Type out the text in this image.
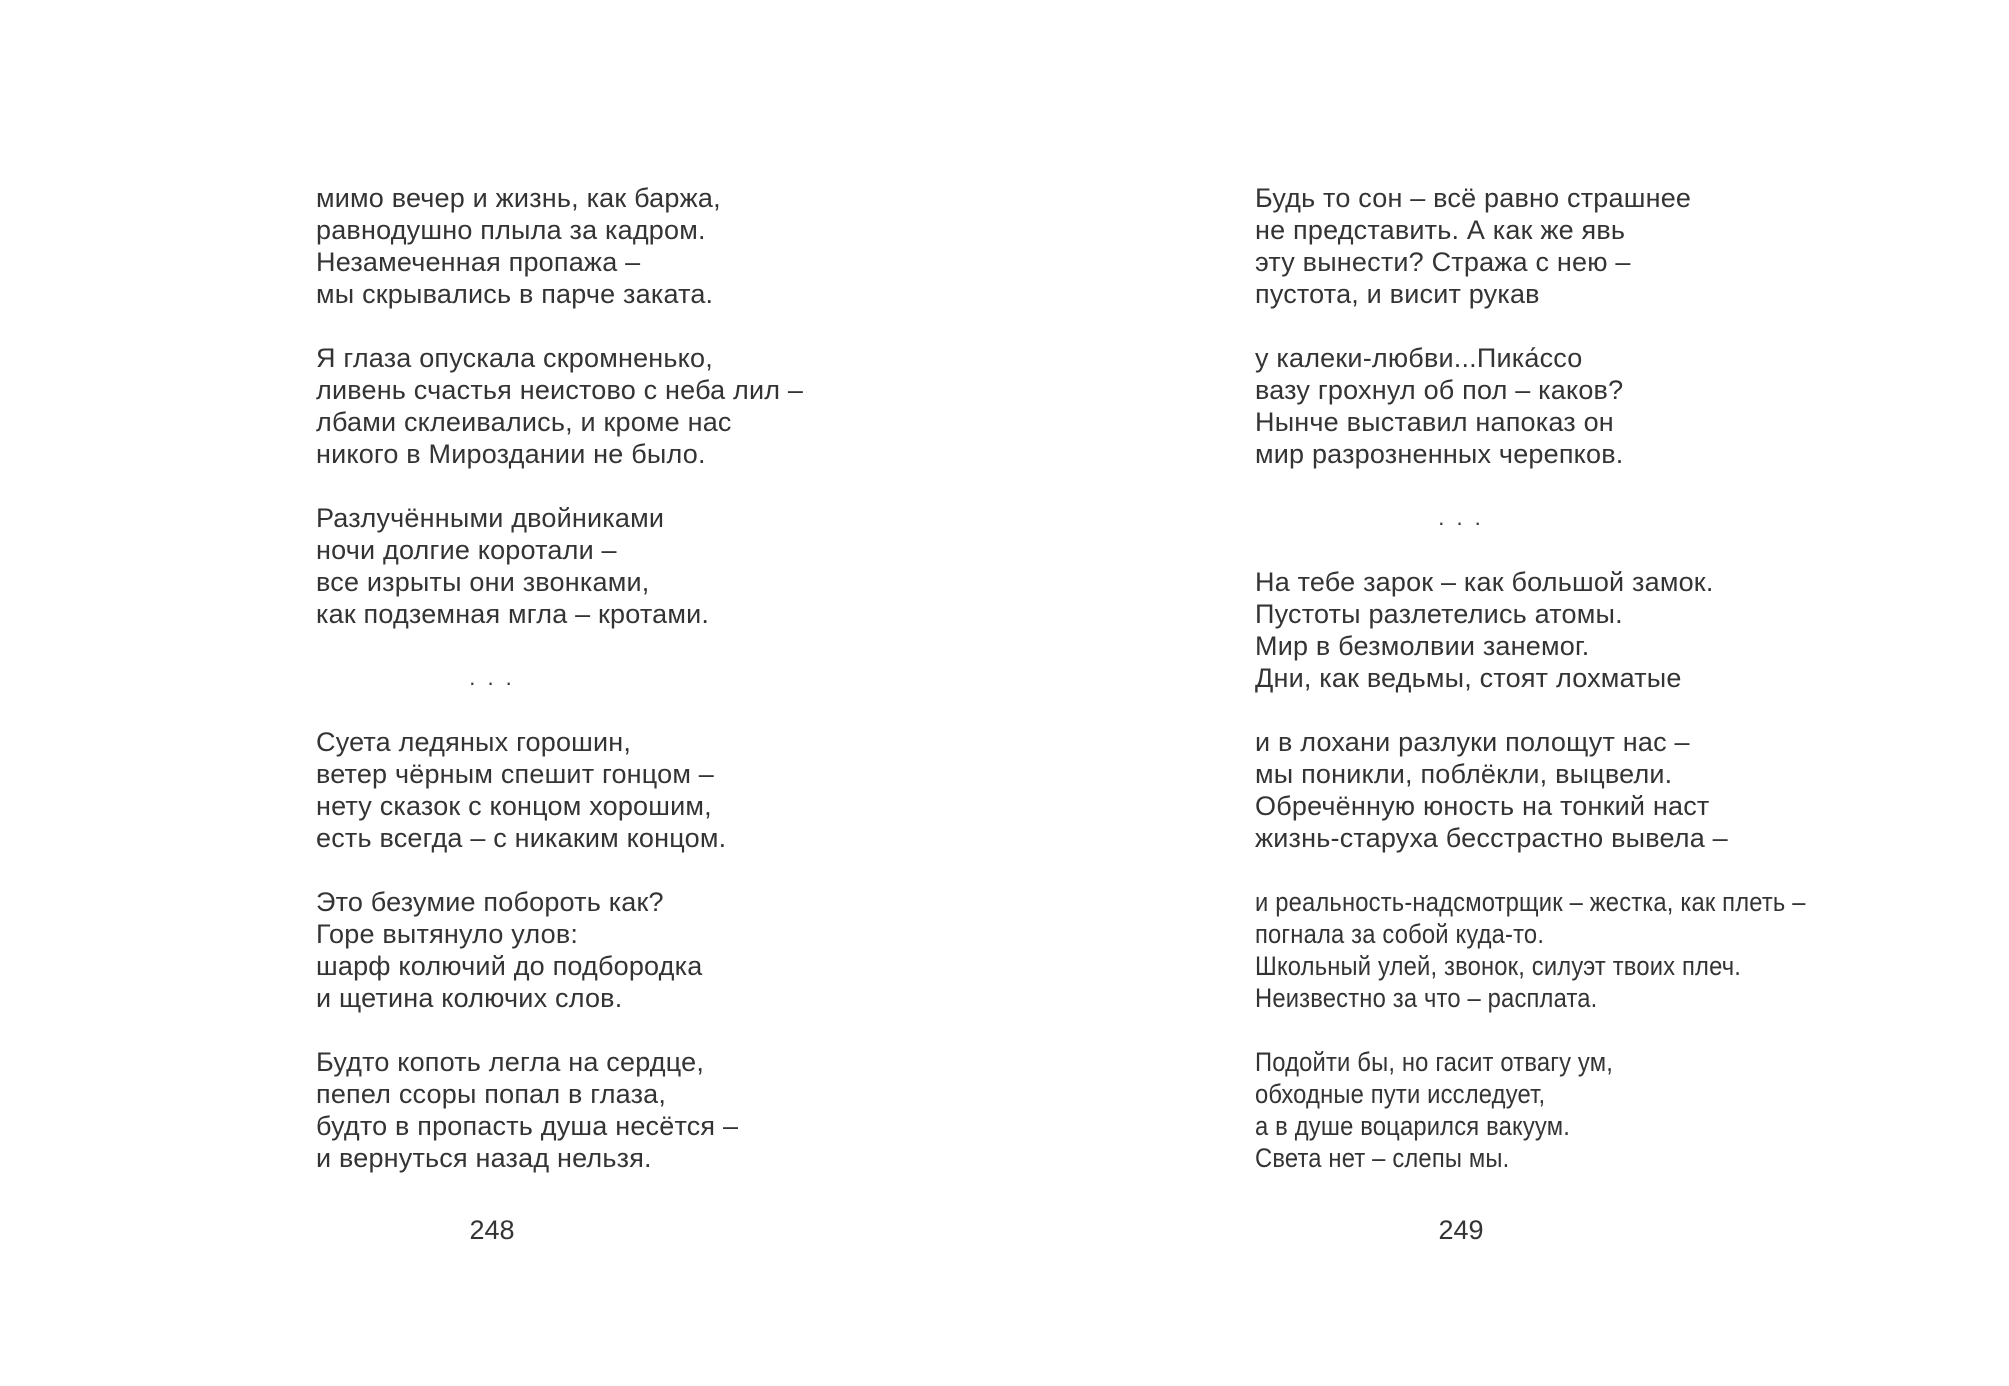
мимо вечер и жизнь, как баржа,
равнодушно плыла за кадром.
Незамеченная пропажа –
мы скрывались в парче заката.
Я глаза опускала скромненько,
ливень счастья неистово с неба лил –
лбами склеивались, и кроме нас
никого в Мироздании не было.
Разлучёнными двойниками
ночи долгие коротали –
все изрыты они звонками,
как подземная мгла – кротами.
. . .
Суета ледяных горошин,
ветер чёрным спешит гонцом –
нету сказок с концом хорошим,
есть всегда – с никаким концом.
Это безумие побороть как?
Горе вытянуло улов:
шарф колючий до подбородка
и щетина колючих слов.
Будто копоть легла на сердце,
пепел ссоры попал в глаза,
будто в пропасть душа несётся –
и вернуться назад нельзя.
248
Будь то сон – всё равно страшнее
не представить. А как же явь
эту вынести? Стража с нею –
пустота, и висит рукав
у калеки-любви...Пика́ссо
вазу грохнул об пол – каков?
Нынче выставил напоказ он
мир разрозненных черепков.
. . .
На тебе зарок – как большой замок.
Пустоты разлетелись атомы.
Мир в безмолвии занемог.
Дни, как ведьмы, стоят лохматые
и в лохани разлуки полощут нас –
мы поникли, поблёкли, выцвели.
Обречённую юность на тонкий наст
жизнь-старуха бесстрастно вывела –
и реальность-надсмотрщик – жестка, как плеть –
погнала за собой куда-то.
Школьный улей, звонок, силуэт твоих плеч.
Неизвестно за что – расплата.
Подойти бы, но гасит отвагу ум,
обходные пути исследует,
а в душе воцарился вакуум.
Света нет – слепы мы.
249
